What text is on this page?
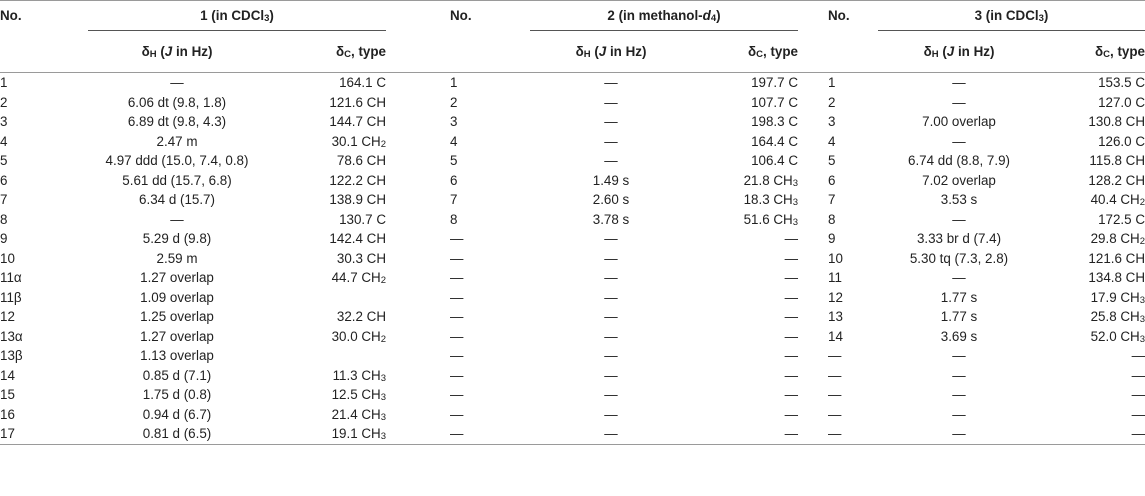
No.	1 (in CDCl$_3$)			No.	2 (in methanol-$d_4$)		No.	3 (in CDCl$_3$)	
	$\delta_H$ (J in Hz)	$\delta_C$, type			$\delta_H$ (J in Hz)	$\delta_C$, type		$\delta_H$ (J in Hz)	$\delta_C$, type
1	—	164.1 C		1	—	197.7 C	1	—	153.5 C
2	6.06 dt (9.8, 1.8)	121.6 CH		2	—	107.7 C	2	—	127.0 C
3	6.89 dt (9.8, 4.3)	144.7 CH		3	—	198.3 C	3	7.00 overlap	130.8 CH
4	2.47 m	30.1 $CH_2$		4	—	164.4 C	4	—	126.0 C
5	4.97 ddd (15.0, 7.4, 0.8)	78.6 CH		5	—	106.4 C	5	6.74 dd (8.8, 7.9)	115.8 CH
6	5.61 dd (15.7, 6.8)	122.2 CH		6	1.49 s	21.8 $CH_3$	6	7.02 overlap	128.2 CH
7	6.34 d (15.7)	138.9 CH		7	2.60 s	18.3 $CH_3$	7	3.53 s	40.4 $CH_2$
8	—	130.7 C		8	3.78 s	51.6 $CH_3$	8	—	172.5 C
9	5.29 d (9.8)	142.4 CH		—	—	—	9	3.33 br d (7.4)	29.8 $CH_2$
10	2.59 m	30.3 CH		—	—	—	10	5.30 tq (7.3, 2.8)	121.6 CH
11α	1.27 overlap	44.7 $CH_2$		—	—	—	11	—	134.8 CH
11β	1.09 overlap			—	—	—	12	1.77 s	17.9 $CH_3$
12	1.25 overlap	32.2 CH		—	—	—	13	1.77 s	25.8 $CH_3$
13α	1.27 overlap	30.0 $CH_2$		—	—	—	14	3.69 s	52.0 $CH_3$
13β	1.13 overlap			—	—	—	—	—	—
14	0.85 d (7.1)	11.3 $CH_3$		—	—	—	—	—	—
15	1.75 d (0.8)	12.5 $CH_3$		—	—	—	—	—	—
16	0.94 d (6.7)	21.4 $CH_3$		—	—	—	—	—	—
17	0.81 d (6.5)	19.1 $CH_3$		—	—	—	—	—	—
